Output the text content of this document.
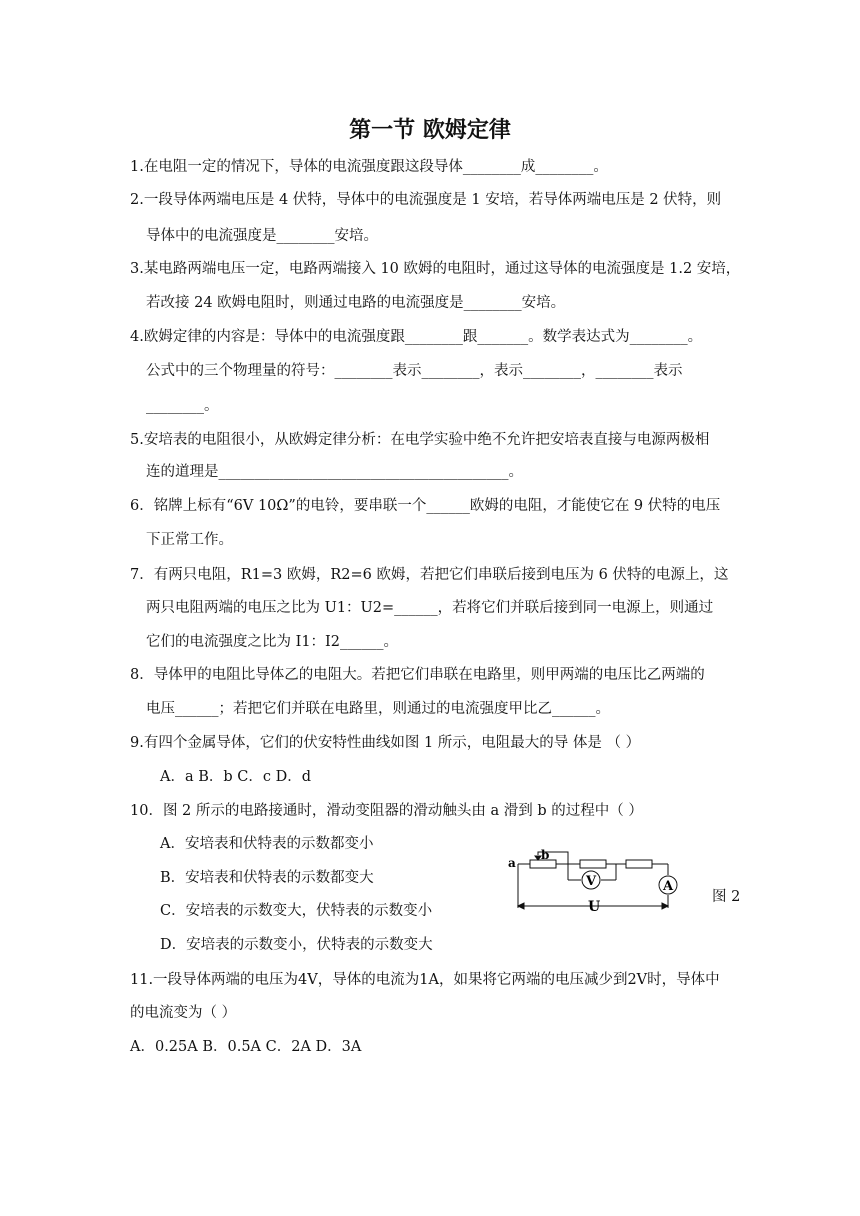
第一节 欧姆定律
1.在电阻一定的情况下，导体的电流强度跟这段导体________成________。
2.一段导体两端电压是 4 伏特，导体中的电流强度是 1 安培，若导体两端电压是 2 伏特，则
导体中的电流强度是________安培。
3.某电路两端电压一定，电路两端接入 10 欧姆的电阻时，通过这导体的电流强度是 1.2 安培，
若改接 24 欧姆电阻时，则通过电路的电流强度是________安培。
4.欧姆定律的内容是：导体中的电流强度跟________跟_______。数学表达式为________。
公式中的三个物理量的符号：________表示________，表示________，________表示
________。
5.安培表的电阻很小，从欧姆定律分析：在电学实验中绝不允许把安培表直接与电源两极相
连的道理是________________________________________。
6．铭牌上标有“6V 10Ω”的电铃，要串联一个______欧姆的电阻，才能使它在 9 伏特的电压
下正常工作。
7．有两只电阻，R1=3 欧姆，R2=6 欧姆，若把它们串联后接到电压为 6 伏特的电源上，这
两只电阻两端的电压之比为 U1：U2=______，若将它们并联后接到同一电源上，则通过
它们的电流强度之比为 I1：I2______。
8．导体甲的电阻比导体乙的电阻大。若把它们串联在电路里，则甲两端的电压比乙两端的
电压______；若把它们并联在电路里，则通过的电流强度甲比乙______。
9.有四个金属导体，它们的伏安特性曲线如图 1 所示，电阻最大的导 体是 （ ）
A．a B．b C．c D．d
10．图 2 所示的电路接通时，滑动变阻器的滑动触头由 a 滑到 b 的过程中（ ）
A．安培表和伏特表的示数都变小
B．安培表和伏特表的示数都变大
C．安培表的示数变大，伏特表的示数变小
D．安培表的示数变小，伏特表的示数变大
11.一段导体两端的电压为4V，导体的电流为1A，如果将它两端的电压减少到2V时，导体中
的电流变为（ ）
A．0.25A B．0.5A C．2A D．3A
a
b
V	A
U
图 2
